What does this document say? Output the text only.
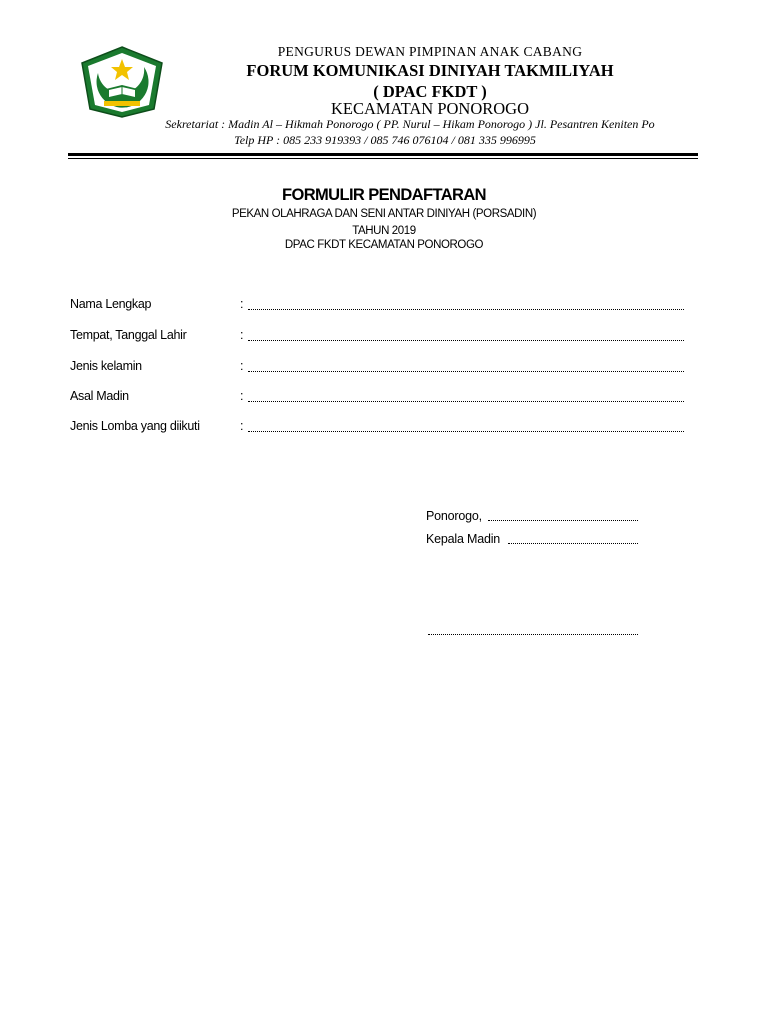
PENGURUS DEWAN PIMPINAN ANAK CABANG
FORUM KOMUNIKASI DINIYAH TAKMILIYAH
( DPAC FKDT )
KECAMATAN PONOROGO
Sekretariat : Madin Al – Hikmah Ponorogo ( PP. Nurul – Hikam Ponorogo ) Jl. Pesantren Keniten Po
Telp HP : 085 233 919393 / 085 746 076104 / 081 335 996995
FORMULIR PENDAFTARAN
PEKAN OLAHRAGA DAN SENI ANTAR DINIYAH (PORSADIN)
TAHUN 2019
DPAC FKDT KECAMATAN PONOROGO
Nama Lengkap	:
Tempat, Tanggal Lahir	:
Jenis kelamin	:
Asal Madin	:
Jenis Lomba yang diikuti	:
Ponorogo,
Kepala Madin
